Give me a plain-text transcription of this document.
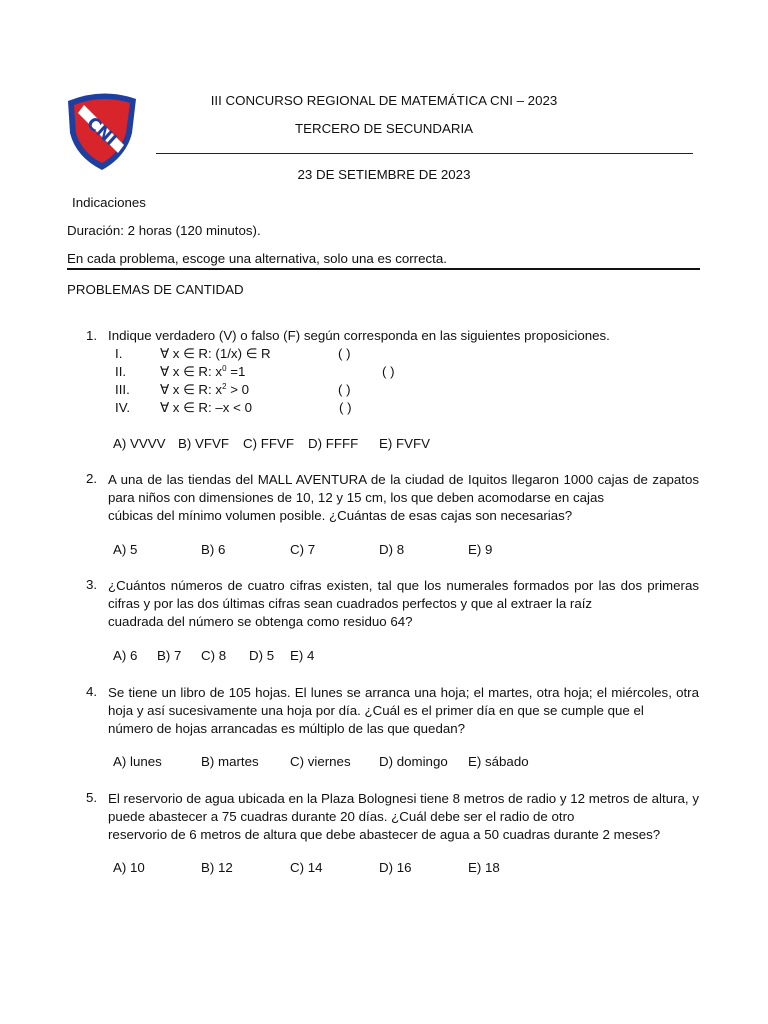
CNI
III CONCURSO REGIONAL DE MATEMÁTICA CNI – 2023
TERCERO DE SECUNDARIA
23 DE SETIEMBRE DE 2023
Indicaciones
Duración: 2 horas (120 minutos).
En cada problema, escoge una alternativa, solo una es correcta.
PROBLEMAS DE CANTIDAD
1. Indique verdadero (V) o falso (F) según corresponda en las siguientes proposiciones.
I.	∀ x ∈ R: (1/x) ∈ R	( )
II.	∀ x ∈ R: $x^0 =1$	( )
III. ∀ x ∈ R: $x^2 > 0$	( )
IV. ∀ x ∈ R: –x < 0	( )
A) VVVV B) VFVF C) FFVF D) FFFF E) FVFV
2. A una de las tiendas del MALL AVENTURA de la ciudad de Iquitos llegaron 1000 cajas de zapatos para niños con dimensiones de 10, 12 y 15 cm, los que deben acomodarse en cajas
cúbicas del mínimo volumen posible. ¿Cuántas de esas cajas son necesarias?
A) 5	B) 6	C) 7	D) 8	E) 9
3. ¿Cuántos números de cuatro cifras existen, tal que los numerales formados por las dos primeras cifras y por las dos últimas cifras sean cuadrados perfectos y que al extraer la raíz
cuadrada del número se obtenga como residuo 64?
A) 6 B) 7 C) 8 D) 5 E) 4
4. Se tiene un libro de 105 hojas. El lunes se arranca una hoja; el martes, otra hoja; el miércoles, otra hoja y así sucesivamente una hoja por día. ¿Cuál es el primer día en que se cumple que el
número de hojas arrancadas es múltiplo de las que quedan?
A) lunes	B) martes C) viernes D) domingo E) sábado
5. El reservorio de agua ubicada en la Plaza Bolognesi tiene 8 metros de radio y 12 metros de altura, y puede abastecer a 75 cuadras durante 20 días. ¿Cuál debe ser el radio de otro
reservorio de 6 metros de altura que debe abastecer de agua a 50 cuadras durante 2 meses?
A) 10	B) 12	C) 14	D) 16	E) 18
